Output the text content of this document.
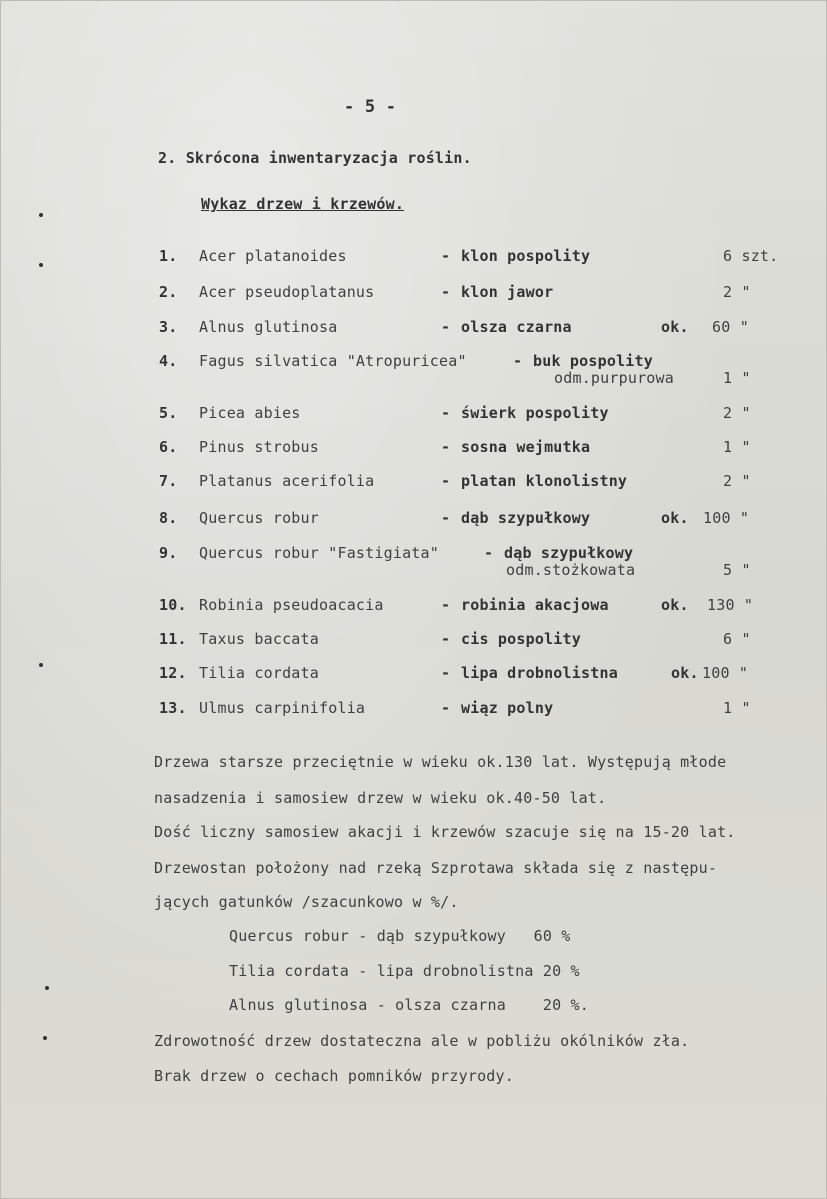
- 5 -
2. Skrócona inwentaryzacja roślin.
Wykaz drzew i krzewów.
1. Acer platanoides	- klon pospolity	6 szt.
2. Acer pseudoplatanus	- klon jawor	2 "
3. Alnus glutinosa	- olsza czarna	ok. 60 "
4. Fagus silvatica "Atropuricea"	- buk pospolity
odm.purpurowa	1 "
5. Picea abies	- świerk pospolity	2 "
6. Pinus strobus	- sosna wejmutka	1 "
7. Platanus acerifolia	- platan klonolistny	2 "
8. Quercus robur	- dąb szypułkowy	ok. 100 "
9. Quercus robur "Fastigiata"	- dąb szypułkowy
odm.stożkowata	5 "
10. Robinia pseudoacacia	- robinia akacjowa	ok. 130 "
11. Taxus baccata	- cis pospolity	6 "
12. Tilia cordata	- lipa drobnolistna	ok. 100 "
13. Ulmus carpinifolia	- wiąz polny	1 "
Drzewa starsze przeciętnie w wieku ok.130 lat. Występują młode
nasadzenia i samosiew drzew w wieku ok.40-50 lat.
Dość liczny samosiew akacji i krzewów szacuje się na 15-20 lat.
Drzewostan położony nad rzeką Szprotawa składa się z następu-
jących gatunków /szacunkowo w %/.
Quercus robur - dąb szypułkowy   60 %
Tilia cordata - lipa drobnolistna 20 %
Alnus glutinosa - olsza czarna    20 %.
Zdrowotność drzew dostateczna ale w pobliżu okólników zła.
Brak drzew o cechach pomników przyrody.
